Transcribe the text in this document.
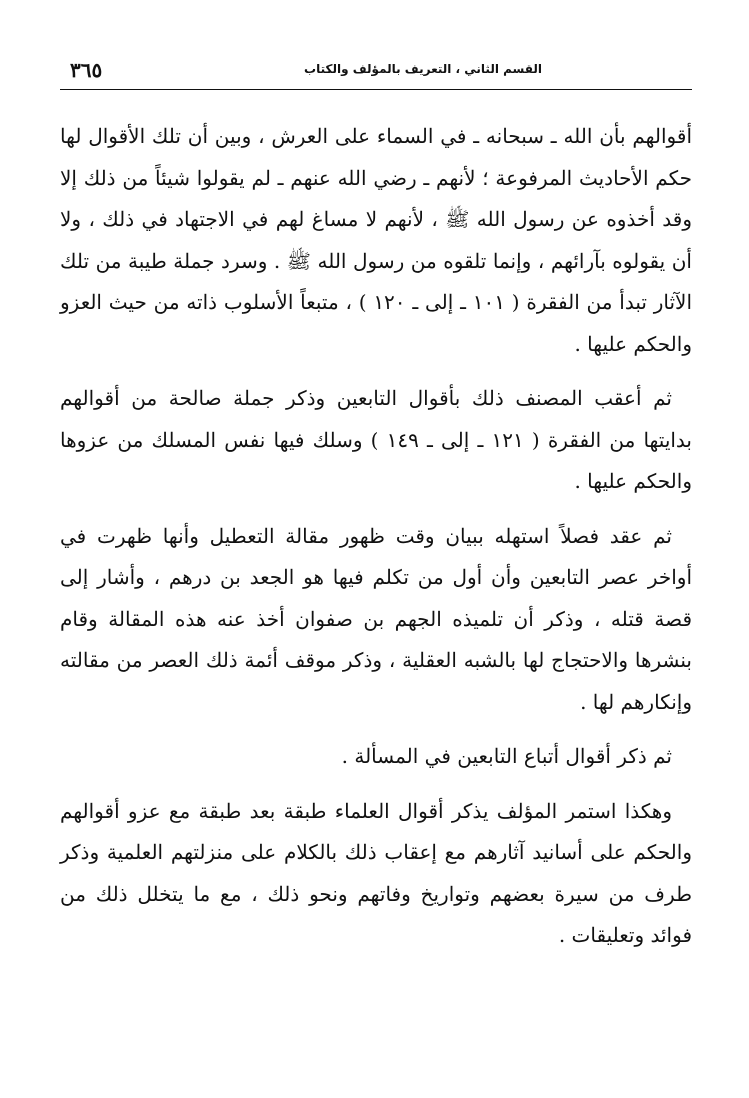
القسم الثاني ، التعريف بالمؤلف والكتاب
٣٦٥

أقوالهم بأن الله ـ سبحانه ـ في السماء على العرش ، وبين أن تلك الأقوال لها حكم الأحاديث المرفوعة ؛ لأنهم ـ رضي الله عنهم ـ لم يقولوا شيئاً من ذلك إلا وقد أخذوه عن رسول الله ﷺ ، لأنهم لا مساغ لهم في الاجتهاد في ذلك ، ولا أن يقولوه بآرائهم ، وإنما تلقوه من رسول الله ﷺ . وسرد جملة طيبة من تلك الآثار تبدأ من الفقرة ( ١٠١ ـ إلى ـ ١٢٠ ) ، متبعاً الأسلوب ذاته من حيث العزو والحكم عليها .

ثم أعقب المصنف ذلك بأقوال التابعين وذكر جملة صالحة من أقوالهم بدايتها من الفقرة ( ١٢١ ـ إلى ـ ١٤٩ ) وسلك فيها نفس المسلك من عزوها والحكم عليها .

ثم عقد فصلاً استهله ببيان وقت ظهور مقالة التعطيل وأنها ظهرت في أواخر عصر التابعين وأن أول من تكلم فيها هو الجعد بن درهم ، وأشار إلى قصة قتله ، وذكر أن تلميذه الجهم بن صفوان أخذ عنه هذه المقالة وقام بنشرها والاحتجاج لها بالشبه العقلية ، وذكر موقف أئمة ذلك العصر من مقالته وإنكارهم لها .

ثم ذكر أقوال أتباع التابعين في المسألة .

وهكذا استمر المؤلف يذكر أقوال العلماء طبقة بعد طبقة مع عزو أقوالهم والحكم على أسانيد آثارهم مع إعقاب ذلك بالكلام على منزلتهم العلمية وذكر طرف من سيرة بعضهم وتواريخ وفاتهم ونحو ذلك ، مع ما يتخلل ذلك من فوائد وتعليقات .
